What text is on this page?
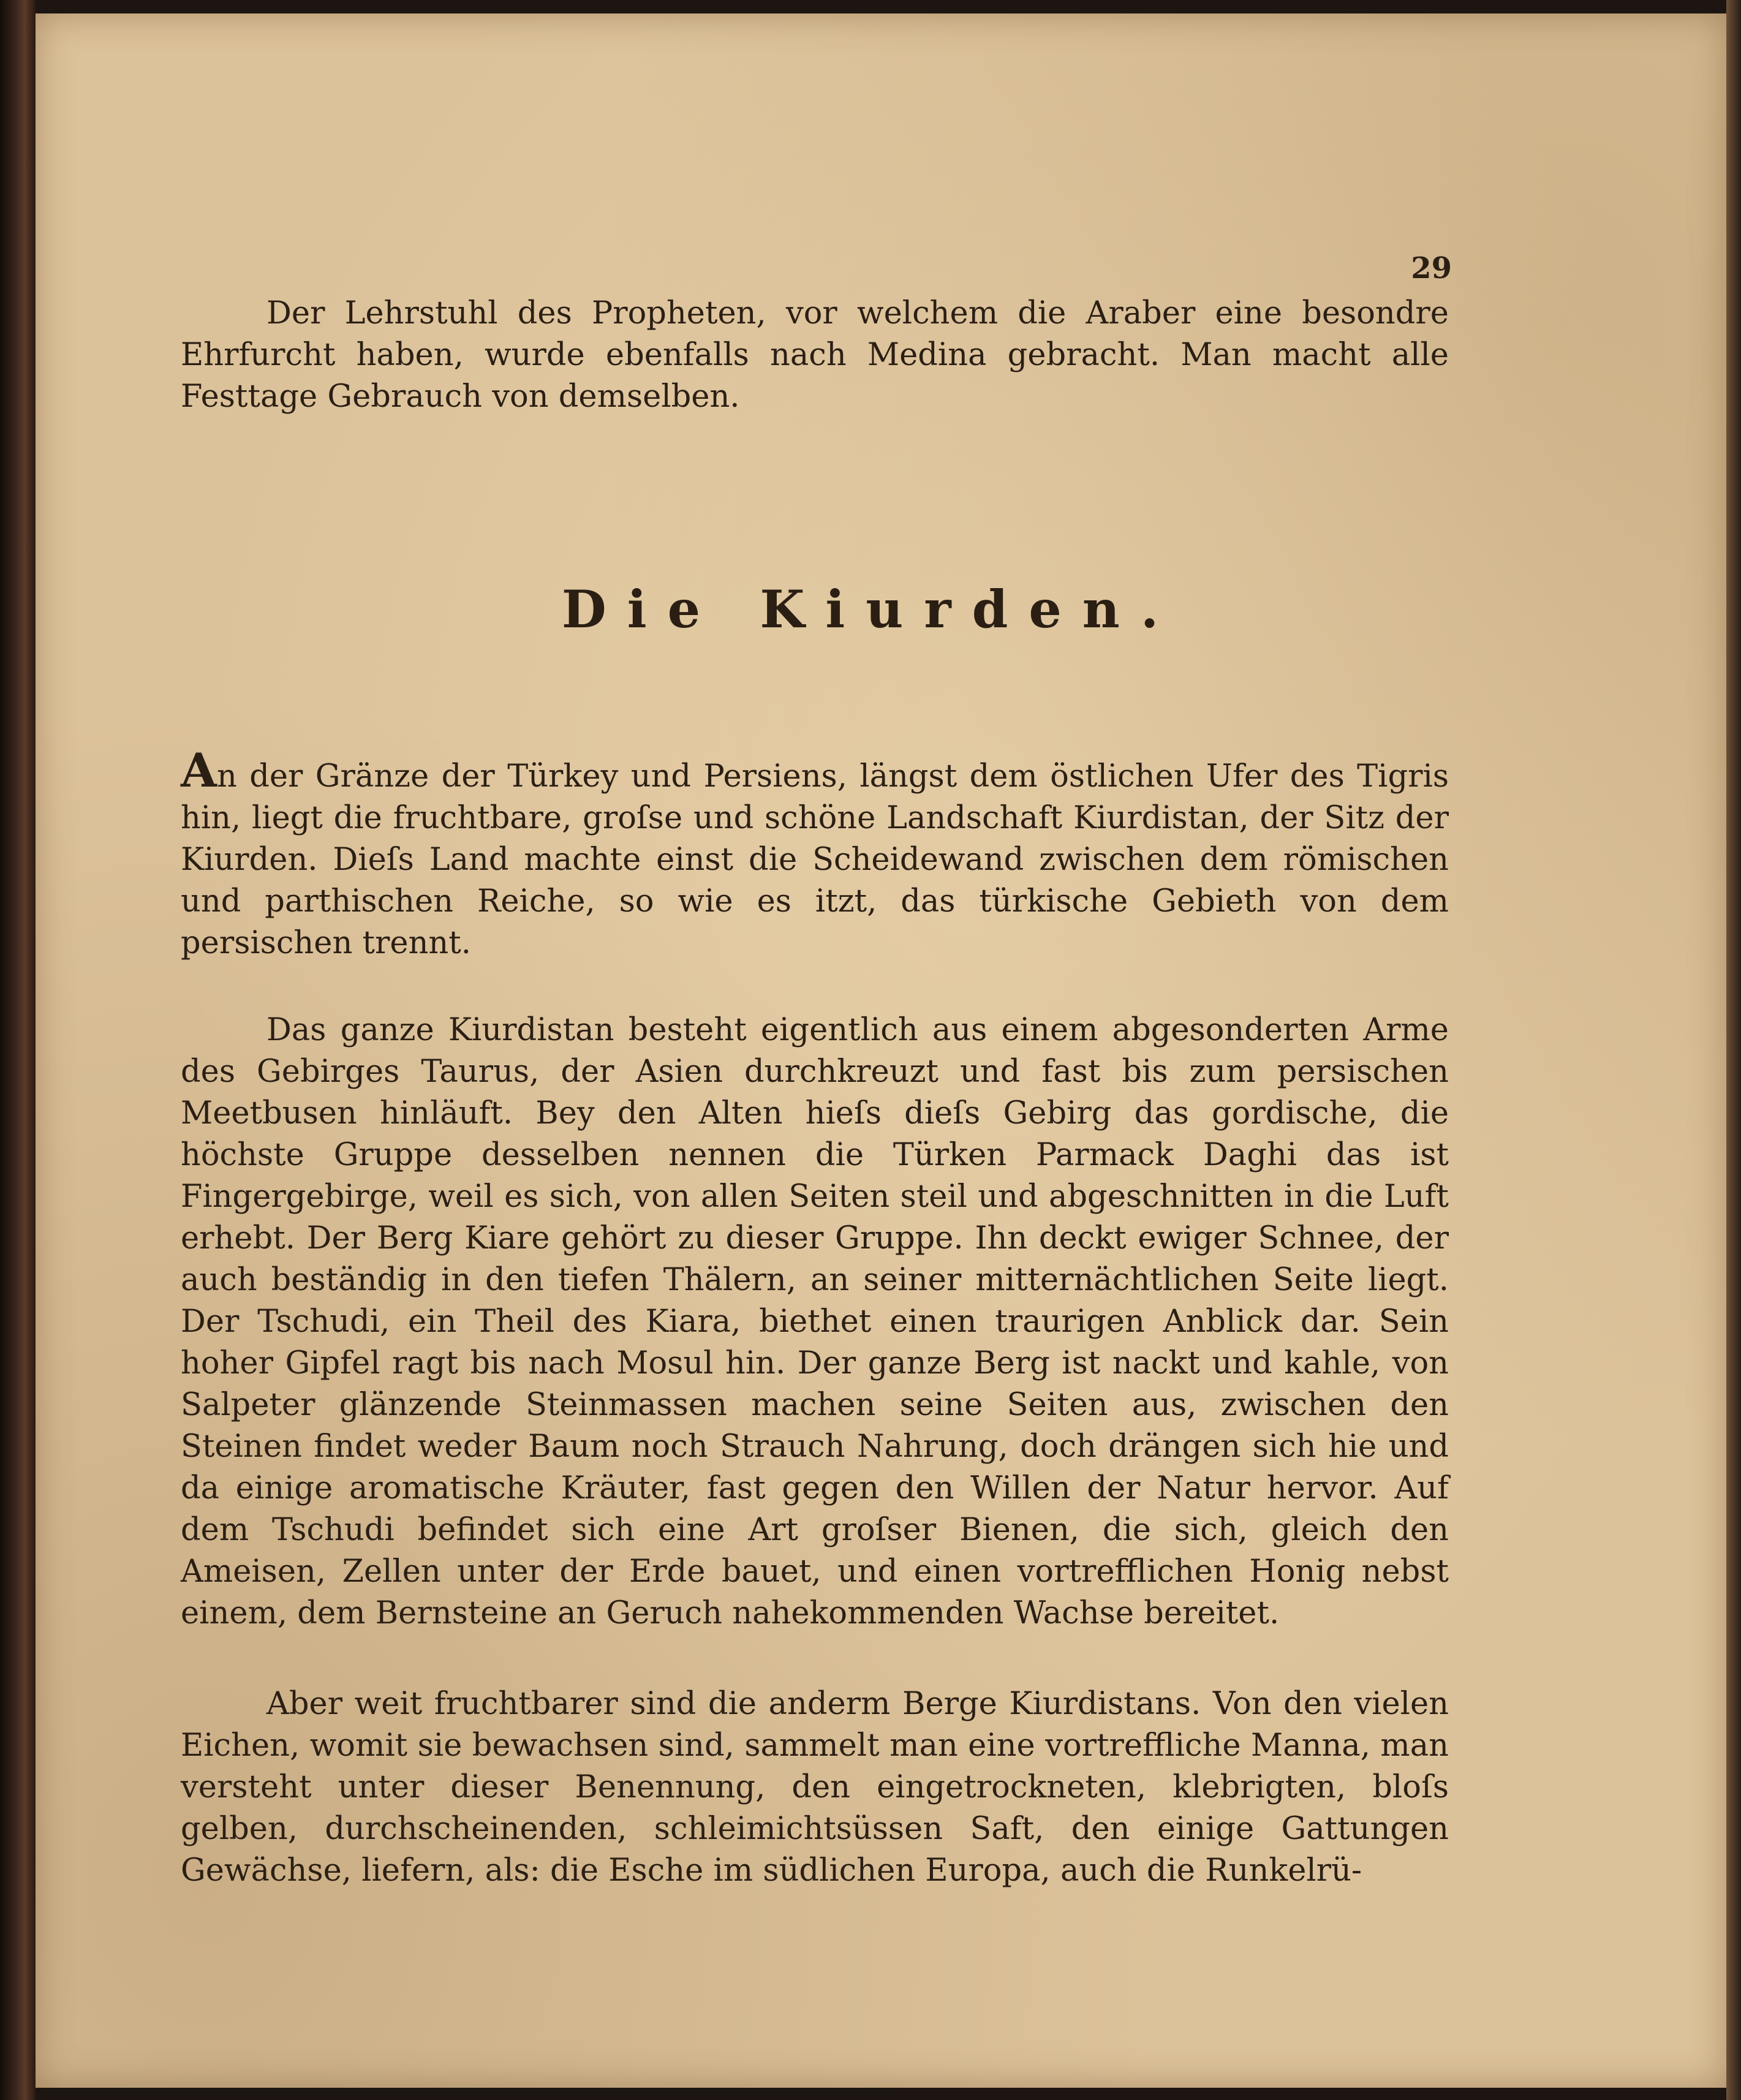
29

Der Lehrstuhl des Propheten, vor welchem die Araber eine besondre Ehrfurcht haben, wurde ebenfalls nach Medina gebracht. Man macht alle Festtage Gebrauch von demselben.

Die Kiurden.

An der Gränze der Türkey und Persiens, längst dem östlichen Ufer des Tigris hin, liegt die fruchtbare, groſse und schöne Landschaft Kiurdistan, der Sitz der Kiurden. Dieſs Land machte einst die Scheidewand zwischen dem römischen und parthischen Reiche, so wie es itzt, das türkische Gebieth von dem persischen trennt.

Das ganze Kiurdistan besteht eigentlich aus einem abgesonderten Arme des Gebirges Taurus, der Asien durchkreuzt und fast bis zum persischen Meetbusen hinläuft. Bey den Alten hieſs dieſs Gebirg das gordische, die höchste Gruppe desselben nennen die Türken Parmack Daghi das ist Fingergebirge, weil es sich, von allen Seiten steil und abgeschnitten in die Luft erhebt. Der Berg Kiare gehört zu dieser Gruppe. Ihn deckt ewiger Schnee, der auch beständig in den tiefen Thälern, an seiner mitternächtlichen Seite liegt. Der Tschudi, ein Theil des Kiara, biethet einen traurigen Anblick dar. Sein hoher Gipfel ragt bis nach Mosul hin. Der ganze Berg ist nackt und kahle, von Salpeter glänzende Steinmassen machen seine Seiten aus, zwischen den Steinen findet weder Baum noch Strauch Nahrung, doch drängen sich hie und da einige aromatische Kräuter, fast gegen den Willen der Natur hervor. Auf dem Tschudi befindet sich eine Art groſser Bienen, die sich, gleich den Ameisen, Zellen unter der Erde bauet, und einen vortrefflichen Honig nebst einem, dem Bernsteine an Geruch nahekommenden Wachse bereitet.

Aber weit fruchtbarer sind die anderm Berge Kiurdistans. Von den vielen Eichen, womit sie bewachsen sind, sammelt man eine vortreffliche Manna, man versteht unter dieser Benennung, den eingetrockneten, klebrigten, bloſs gelben, durchscheinenden, schleimichtsüssen Saft, den einige Gattungen Gewächse, liefern, als: die Esche im südlichen Europa, auch die Runkelrü-
